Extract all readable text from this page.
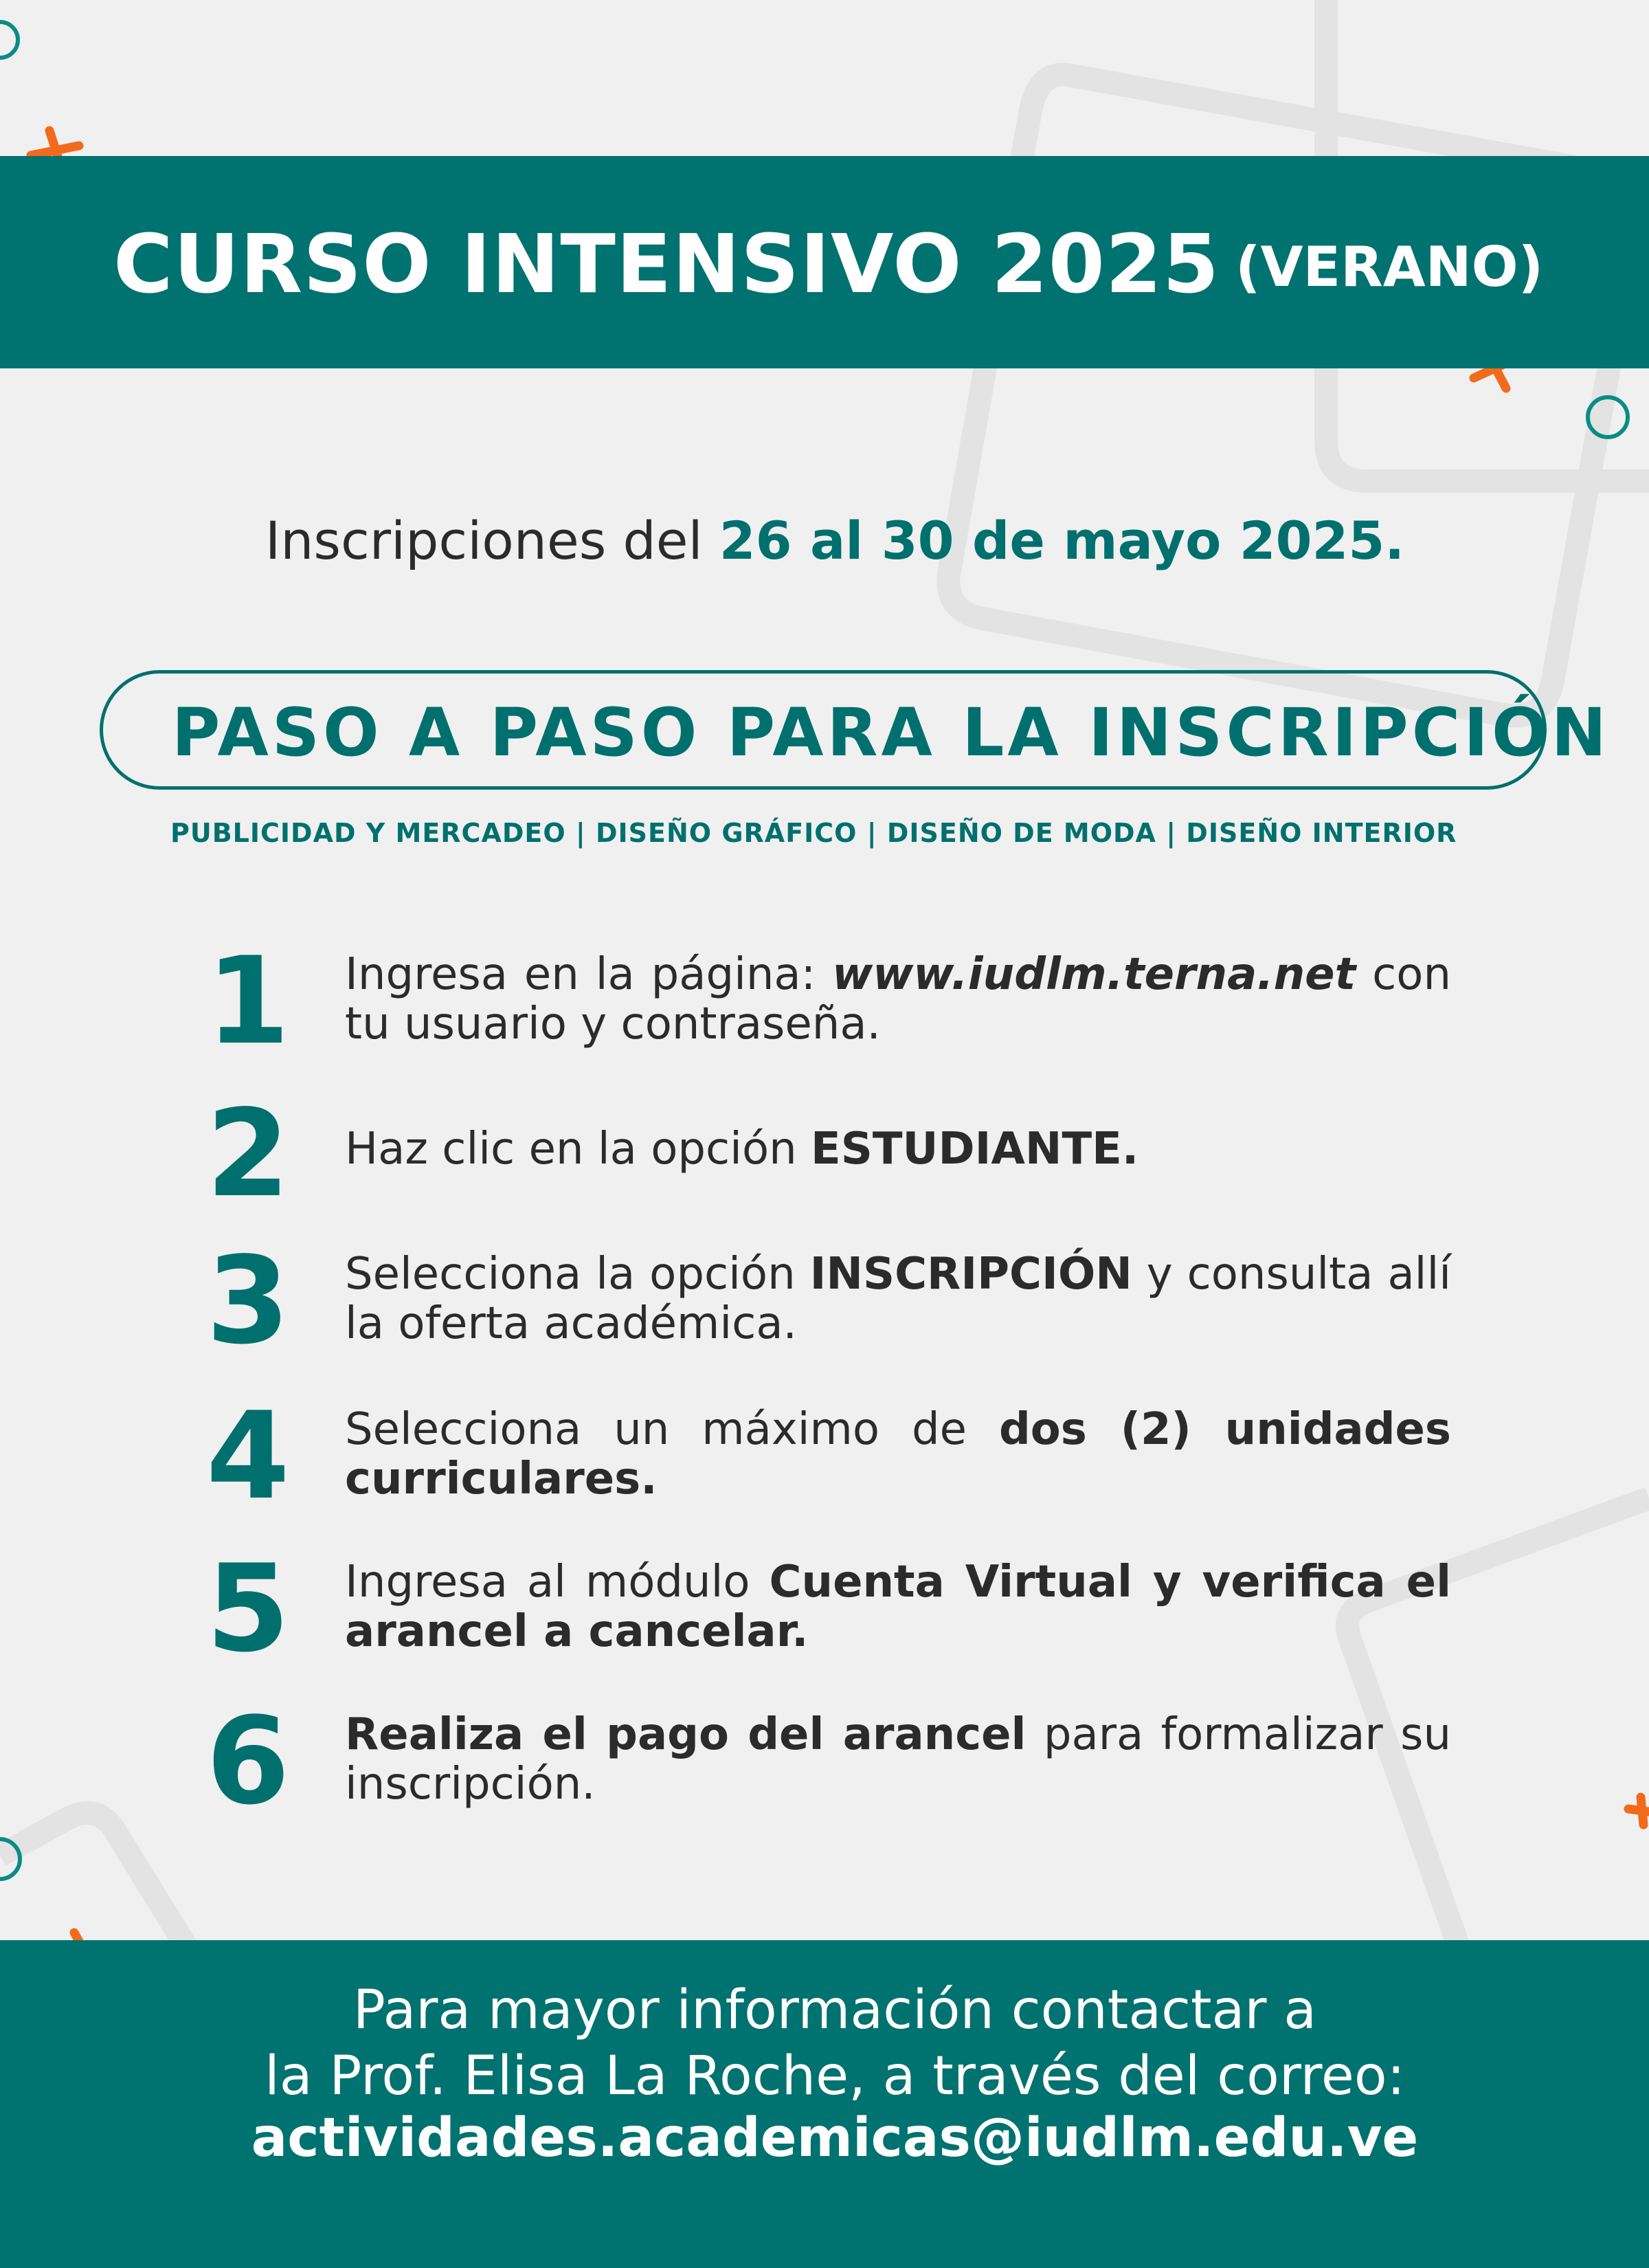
CURSO INTENSIVO 2025 (VERANO)
Inscripciones del 26 al 30 de mayo 2025.
PASO A PASO PARA LA INSCRIPCIÓN
PUBLICIDAD Y MERCADEO | DISEÑO GRÁFICO | DISEÑO DE MODA | DISEÑO INTERIOR
1 Ingresa en la página: www.iudlm.terna.net con tu usuario y contraseña.
2 Haz clic en la opción ESTUDIANTE.
3 Selecciona la opción INSCRIPCIÓN y consulta allí la oferta académica.
4 Selecciona un máximo de dos (2) unidades curriculares.
5 Ingresa al módulo Cuenta Virtual y verifica el arancel a cancelar.
6 Realiza el pago del arancel para formalizar su inscripción.
Para mayor información contactar a
la Prof. Elisa La Roche, a través del correo:
actividades.academicas@iudlm.edu.ve
